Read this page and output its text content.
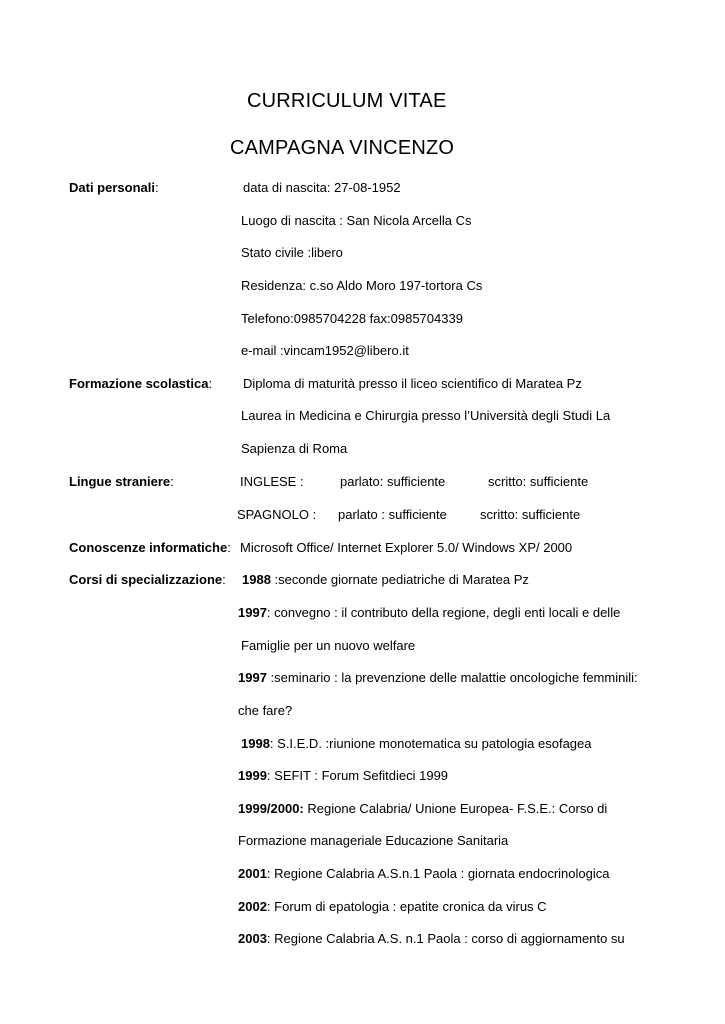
CURRICULUM VITAE
CAMPAGNA VINCENZO
Dati personali:	data di nascita: 27-08-1952
Luogo di nascita : San Nicola Arcella Cs
Stato civile :libero
Residenza: c.so Aldo Moro 197-tortora Cs
Telefono:0985704228 fax:0985704339
e-mail :vincam1952@libero.it
Formazione scolastica: Diploma di maturità presso il liceo scientifico di Maratea Pz
Laurea in Medicina e Chirurgia presso l’Università degli Studi La
Sapienza di Roma
Lingue straniere:	INGLESE :	parlato: sufficiente	scritto: sufficiente
SPAGNOLO : parlato : sufficiente	scritto: sufficiente
Conoscenze informatiche: Microsoft Office/ Internet Explorer 5.0/ Windows XP/ 2000
Corsi di specializzazione: 1988 :seconde giornate pediatriche di Maratea Pz
1997: convegno : il contributo della regione, degli enti locali e delle
Famiglie per un nuovo welfare
1997 :seminario : la prevenzione delle malattie oncologiche femminili:
che fare?
1998: S.I.E.D. :riunione monotematica su patologia esofagea
1999: SEFIT : Forum Sefitdieci 1999
1999/2000: Regione Calabria/ Unione Europea- F.S.E.: Corso di
Formazione manageriale Educazione Sanitaria
2001: Regione Calabria A.S.n.1 Paola : giornata endocrinologica
2002: Forum di epatologia : epatite cronica da virus C
2003: Regione Calabria A.S. n.1 Paola : corso di aggiornamento su
